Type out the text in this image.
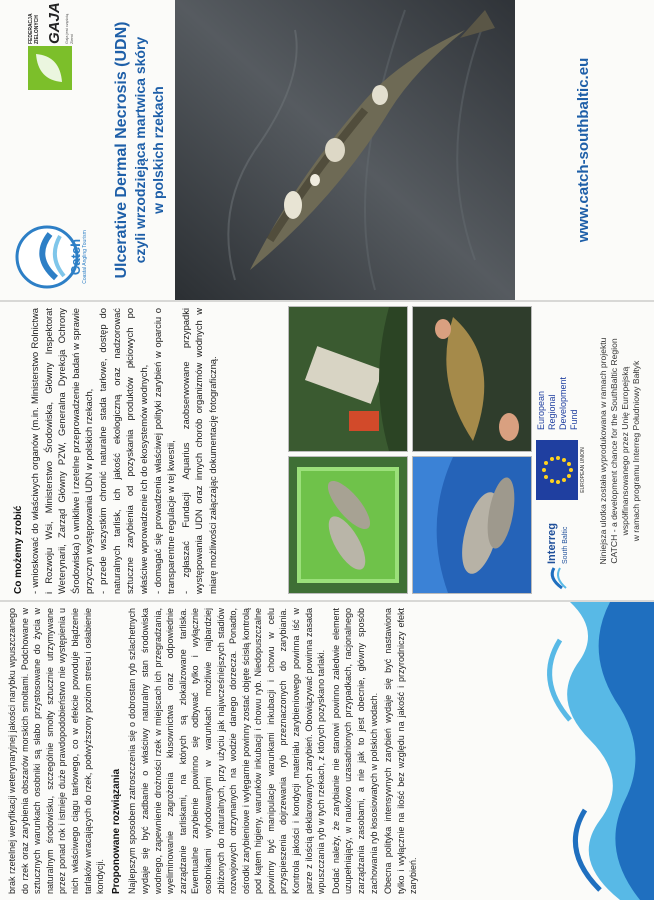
Catch Coastal Angling Tourism
FEDERACJA ZIELONYCH GAJA Gaja jest częścią Ziemi Ulcerative Dermal Necrosis (UDN) czyli wrzodziejąca martwica skóry w polskich rzekach	www.catch-southbaltic.eu
Co możemy zrobić - wnioskować do właściwych organów (m.in. Ministerstwo Rolnictwa i Rozwoju Wsi, Ministerstwo Środowiska, Główny Inspektorat Weterynarii, Zarząd Główny PZW, Generalna Dyrekcja Ochrony Środowiska) o wnikliwe i rzetelne przeprowadzenie badań w sprawie przyczyn występowania UDN w polskich rzekach, - przede wszystkim chronić naturalne stada tarłowe, dostęp do naturalnych tarlisk, ich jakość ekologiczną oraz nadzorować sztuczne zarybienia od pozyskania produktów płciowych po właściwe wprowadzenie ich do ekosystemów wodnych, - domagać się prowadzenia właściwej polityki zarybień w oparciu o transparentne regulacje w tej kwestii, - zgłaszać Fundacji Aquarius zaobserwowane przypadki występowania UDN oraz innych chorób organizmów wodnych w miarę możliwości załączając dokumentację fotograficzną.	Interreg South Baltic
EUROPEAN UNION
European Regional Development Fund Niniejsza ulotka została wyprodukowana w ramach projektu CATCH - a development chance for the SouthBaltic Region współfinansowanego przez Unię Europejską w ramach programu Interreg Południowy Bałtyk

brak rzetelnej weryfikacji weterynaryjnej jakości narybku wpuszczanego do rzek oraz zarybienia obszarów morskich smoltami. Podchowane w sztucznych warunkach osobniki są słabo przystosowane do życia w naturalnym środowisku, szczególnie smolty sztucznie utrzymywane przez ponad rok i istnieje duże prawdopodobieństwo nie występienia u nich właściwego ciągu tarłowego, co w efekcie powoduje błądzenie tarlaków wracających do rzek, podwyższony poziom stresu i osłabienie kondycji. Proponowane rozwiązania Najlepszym sposobem zatroszczenia się o dobrostan ryb szlachetnych wydaje się być zadbanie o właściwy naturalny stan środowiska wodnego, zapewnienie drożności rzek w miejscach ich przegradzania, wyeliminowanie zagrożenia kłusownictwa oraz odpowiednie zarządzanie tarliskami, na których są zlokalizowane tarliska. Ewentualne zarybienie powinno się odbywać tylko i wyłącznie osobnikami wyhodowanymi w warunkach możliwie najbardziej zbliżonych do naturalnych, przy użyciu jak najwcześniejszych stadiów rozwojowych otrzymanych na wodzie danego dorzecza. Ponadto, ośrodki zarybieniowe i wylęgarnie powinny zostać objęte ścisłą kontrolą pod kątem higieny, warunków inkubacji i chowu ryb. Niedopuszczalne powinny być manipulacje warunkami inkubacji i chowu w celu przyspieszenia dojrzewania ryb przeznaczonych do zarybiania. Kontrola jakości i kondycji materiału zarybieniowego powinna iść w parze z ilością deklarowanych zarybień. Obowiązywać powinna zasada wpuszczania ryb w tych rzekach, z których pozyskano tarlaki. Dodać należy, że zarybianie nie stanowi powinno zaledwie element uzupełniający, w naukowo uzasadnionych przypadkach, racjonalnego zarządzania zasobami, a nie jak to jest obecnie, główny sposób zachowania ryb łososiowatych w polskich wodach. Obecna polityka intensywnych zarybień wydaje się być nastawiona tylko i wyłącznie na ilość bez względu na jakość i przyrodniczy efekt zarybień.
